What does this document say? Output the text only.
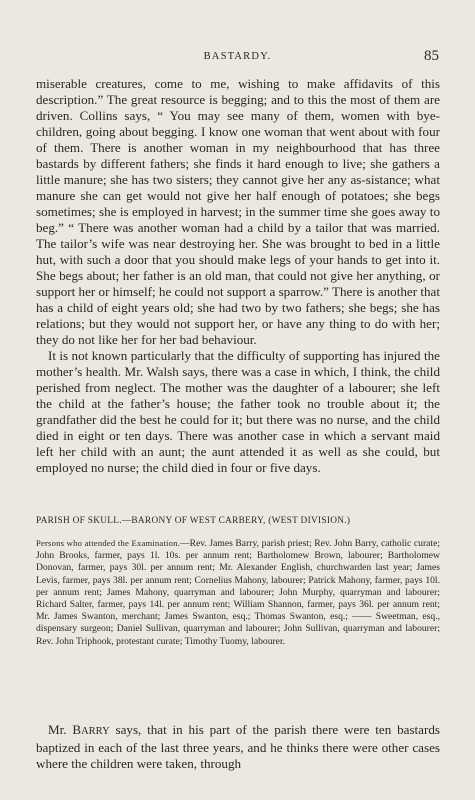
BASTARDY.	85

miserable creatures, come to me, wishing to make affidavits of this description.” The great resource is begging; and to this the most of them are driven. Collins says, “ You may see many of them, women with bye-children, going about begging. I know one woman that went about with four of them. There is another woman in my neighbourhood that has three bastards by different fathers; she finds it hard enough to live; she gathers a little manure; she has two sisters; they cannot give her any as-sistance; what manure she can get would not give her half enough of potatoes; she begs sometimes; she is employed in harvest; in the summer time she goes away to beg.” “ There was another woman had a child by a tailor that was married. The tailor’s wife was near destroying her. She was brought to bed in a little hut, with such a door that you should make legs of your hands to get into it. She begs about; her father is an old man, that could not give her anything, or support her or himself; he could not support a sparrow.” There is another that has a child of eight years old; she had two by two fathers; she begs; she has relations; but they would not support her, or have any thing to do with her; they do not like her for her bad behaviour.

It is not known particularly that the difficulty of supporting has injured the mother’s health. Mr. Walsh says, there was a case in which, I think, the child perished from neglect. The mother was the daughter of a labourer; she left the child at the father’s house; the father took no trouble about it; the grandfather did the best he could for it; but there was no nurse, and the child died in eight or ten days. There was another case in which a servant maid left her child with an aunt; the aunt attended it as well as she could, but employed no nurse; the child died in four or five days.

PARISH OF SKULL.—BARONY OF WEST CARBERY, (WEST DIVISION.)
Persons who attended the Examination.—Rev. James Barry, parish priest; Rev. John Barry, catholic curate; John Brooks, farmer, pays 1l. 10s. per annum rent; Bartholomew Brown, labourer; Bartholomew Donovan, farmer, pays 30l. per annum rent; Mr. Alexander English, churchwarden last year; James Levis, farmer, pays 38l. per annum rent; Cornelius Mahony, labourer; Patrick Mahony, farmer, pays 10l. per annum rent; James Mahony, quarryman and labourer; John Murphy, quarryman and labourer; Richard Salter, farmer, pays 14l. per annum rent; William Shannon, farmer, pays 36l. per annum rent; Mr. James Swanton, merchant; James Swanton, esq.; Thomas Swanton, esq.; —— Sweetman, esq., dispensary surgeon; Daniel Sullivan, quarryman and labourer; John Sullivan, quarryman and labourer; Rev. John Triphook, protestant curate; Timothy Tuomy, labourer.
Mr. BARRY says, that in his part of the parish there were ten bastards baptized in each of the last three years, and he thinks there were other cases where the children were taken, through
